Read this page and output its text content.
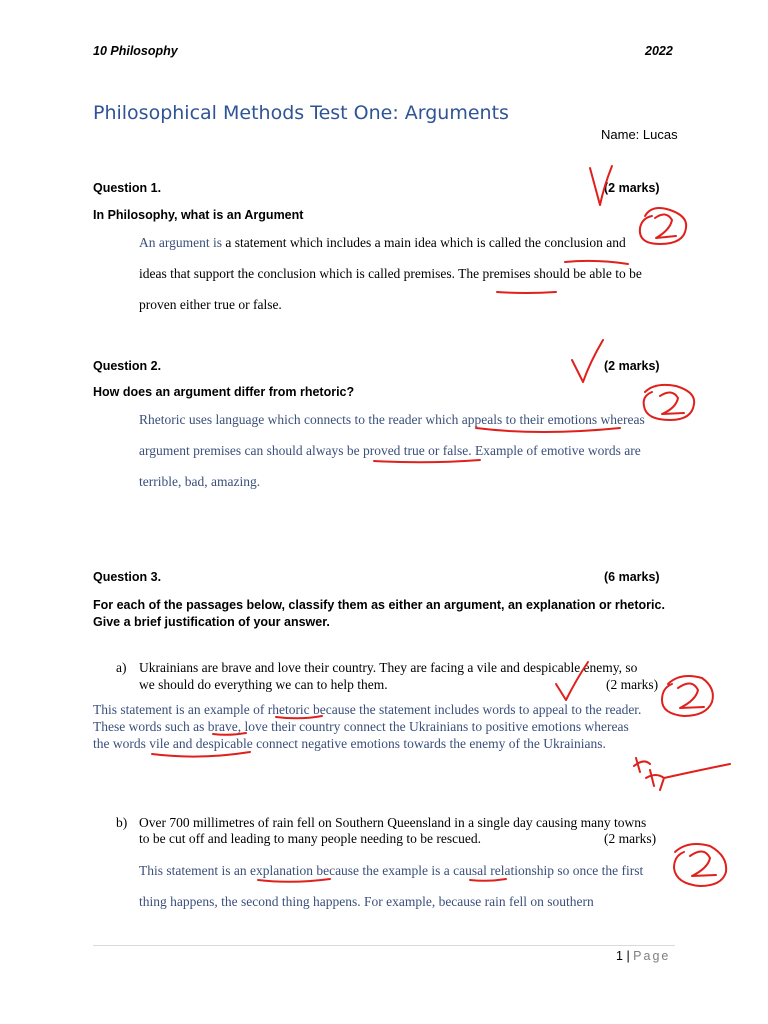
10 Philosophy	2022
Philosophical Methods Test One: Arguments
Name: Lucas
Question 1.	(2 marks)
In Philosophy, what is an Argument
An argument is a statement which includes a main idea which is called the conclusion and
ideas that support the conclusion which is called premises. The premises should be able to be
proven either true or false.
Question 2.	(2 marks)
How does an argument differ from rhetoric?
Rhetoric uses language which connects to the reader which appeals to their emotions whereas
argument premises can should always be proved true or false. Example of emotive words are
terrible, bad, amazing.
Question 3.	(6 marks)
For each of the passages below, classify them as either an argument, an explanation or rhetoric.
Give a brief justification of your answer.
a) Ukrainians are brave and love their country. They are facing a vile and despicable enemy, so
we should do everything we can to help them.	(2 marks)
This statement is an example of rhetoric because the statement includes words to appeal to the reader.
These words such as brave, love their country connect the Ukrainians to positive emotions whereas
the words vile and despicable connect negative emotions towards the enemy of the Ukrainians.
b) Over 700 millimetres of rain fell on Southern Queensland in a single day causing many towns
to be cut off and leading to many people needing to be rescued.	(2 marks)
This statement is an explanation because the example is a causal relationship so once the first
thing happens, the second thing happens. For example, because rain fell on southern
1 | Page
